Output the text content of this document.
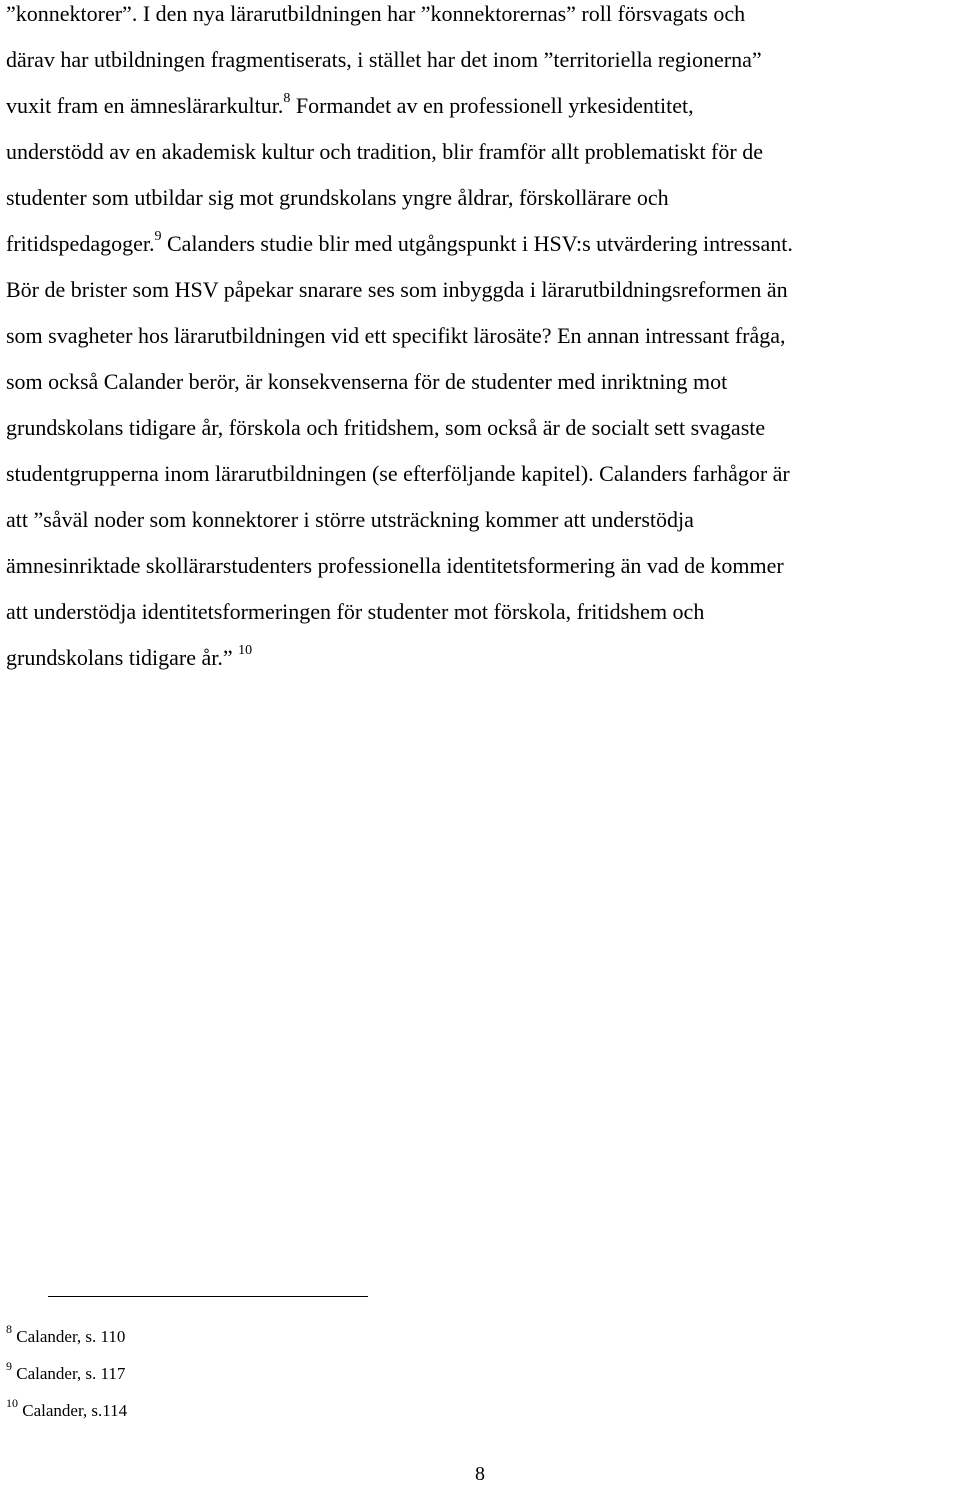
”konnektorer”. I den nya lärarutbildningen har ”konnektorernas” roll försvagats och
därav har utbildningen fragmentiserats, i stället har det inom ”territoriella regionerna”
vuxit fram en ämneslärarkultur.$^8$ Formandet av en professionell yrkesidentitet,
understödd av en akademisk kultur och tradition, blir framför allt problematiskt för de
studenter som utbildar sig mot grundskolans yngre åldrar, förskollärare och
fritidspedagoger.$^9$ Calanders studie blir med utgångspunkt i HSV:s utvärdering intressant.
Bör de brister som HSV påpekar snarare ses som inbyggda i lärarutbildningsreformen än
som svagheter hos lärarutbildningen vid ett specifikt lärosäte? En annan intressant fråga,
som också Calander berör, är konsekvenserna för de studenter med inriktning mot
grundskolans tidigare år, förskola och fritidshem, som också är de socialt sett svagaste
studentgrupperna inom lärarutbildningen (se efterföljande kapitel). Calanders farhågor är
att ”såväl noder som konnektorer i större utsträckning kommer att understödja
ämnesinriktade skollärarstudenters professionella identitetsformering än vad de kommer
att understödja identitetsformeringen för studenter mot förskola, fritidshem och
grundskolans tidigare år.” $^{10}$
$^8$ Calander, s. 110
$^9$ Calander, s. 117
$^{10}$ Calander, s.114
8
